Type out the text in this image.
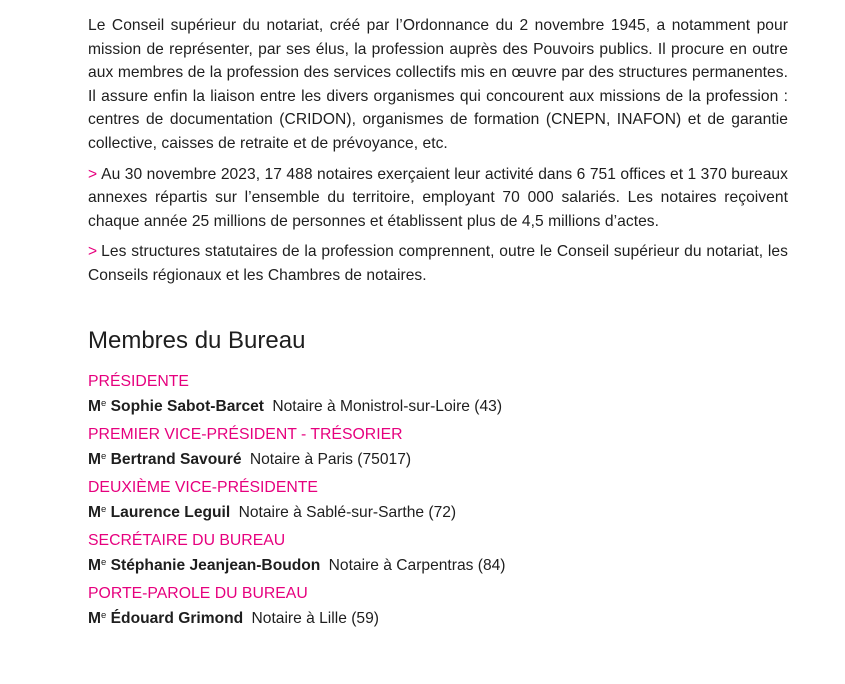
Le Conseil supérieur du notariat, créé par l’Ordonnance du 2 novembre 1945, a notamment pour mission de représenter, par ses élus, la profession auprès des Pouvoirs publics. Il procure en outre aux membres de la profession des services collectifs mis en œuvre par des structures permanentes. Il assure enfin la liaison entre les divers organismes qui concourent aux missions de la profession : centres de documentation (CRIDON), organismes de formation (CNEPN, INAFON) et de garantie collective, caisses de retraite et de prévoyance, etc.

> Au 30 novembre 2023, 17 488 notaires exerçaient leur activité dans 6 751 offices et 1 370 bureaux annexes répartis sur l’ensemble du territoire, employant 70 000 salariés. Les notaires reçoivent chaque année 25 millions de personnes et établissent plus de 4,5 millions d’actes.

> Les structures statutaires de la profession comprennent, outre le Conseil supérieur du notariat, les Conseils régionaux et les Chambres de notaires.

Membres du Bureau
PRÉSIDENTE
Me Sophie Sabot-Barcet Notaire à Monistrol-sur-Loire (43)
PREMIER VICE-PRÉSIDENT - TRÉSORIER
Me Bertrand Savouré Notaire à Paris (75017)
DEUXIÈME VICE-PRÉSIDENTE
Me Laurence Leguil Notaire à Sablé-sur-Sarthe (72)
SECRÉTAIRE DU BUREAU
Me Stéphanie Jeanjean-Boudon Notaire à Carpentras (84)
PORTE-PAROLE DU BUREAU
Me Édouard Grimond Notaire à Lille (59)
